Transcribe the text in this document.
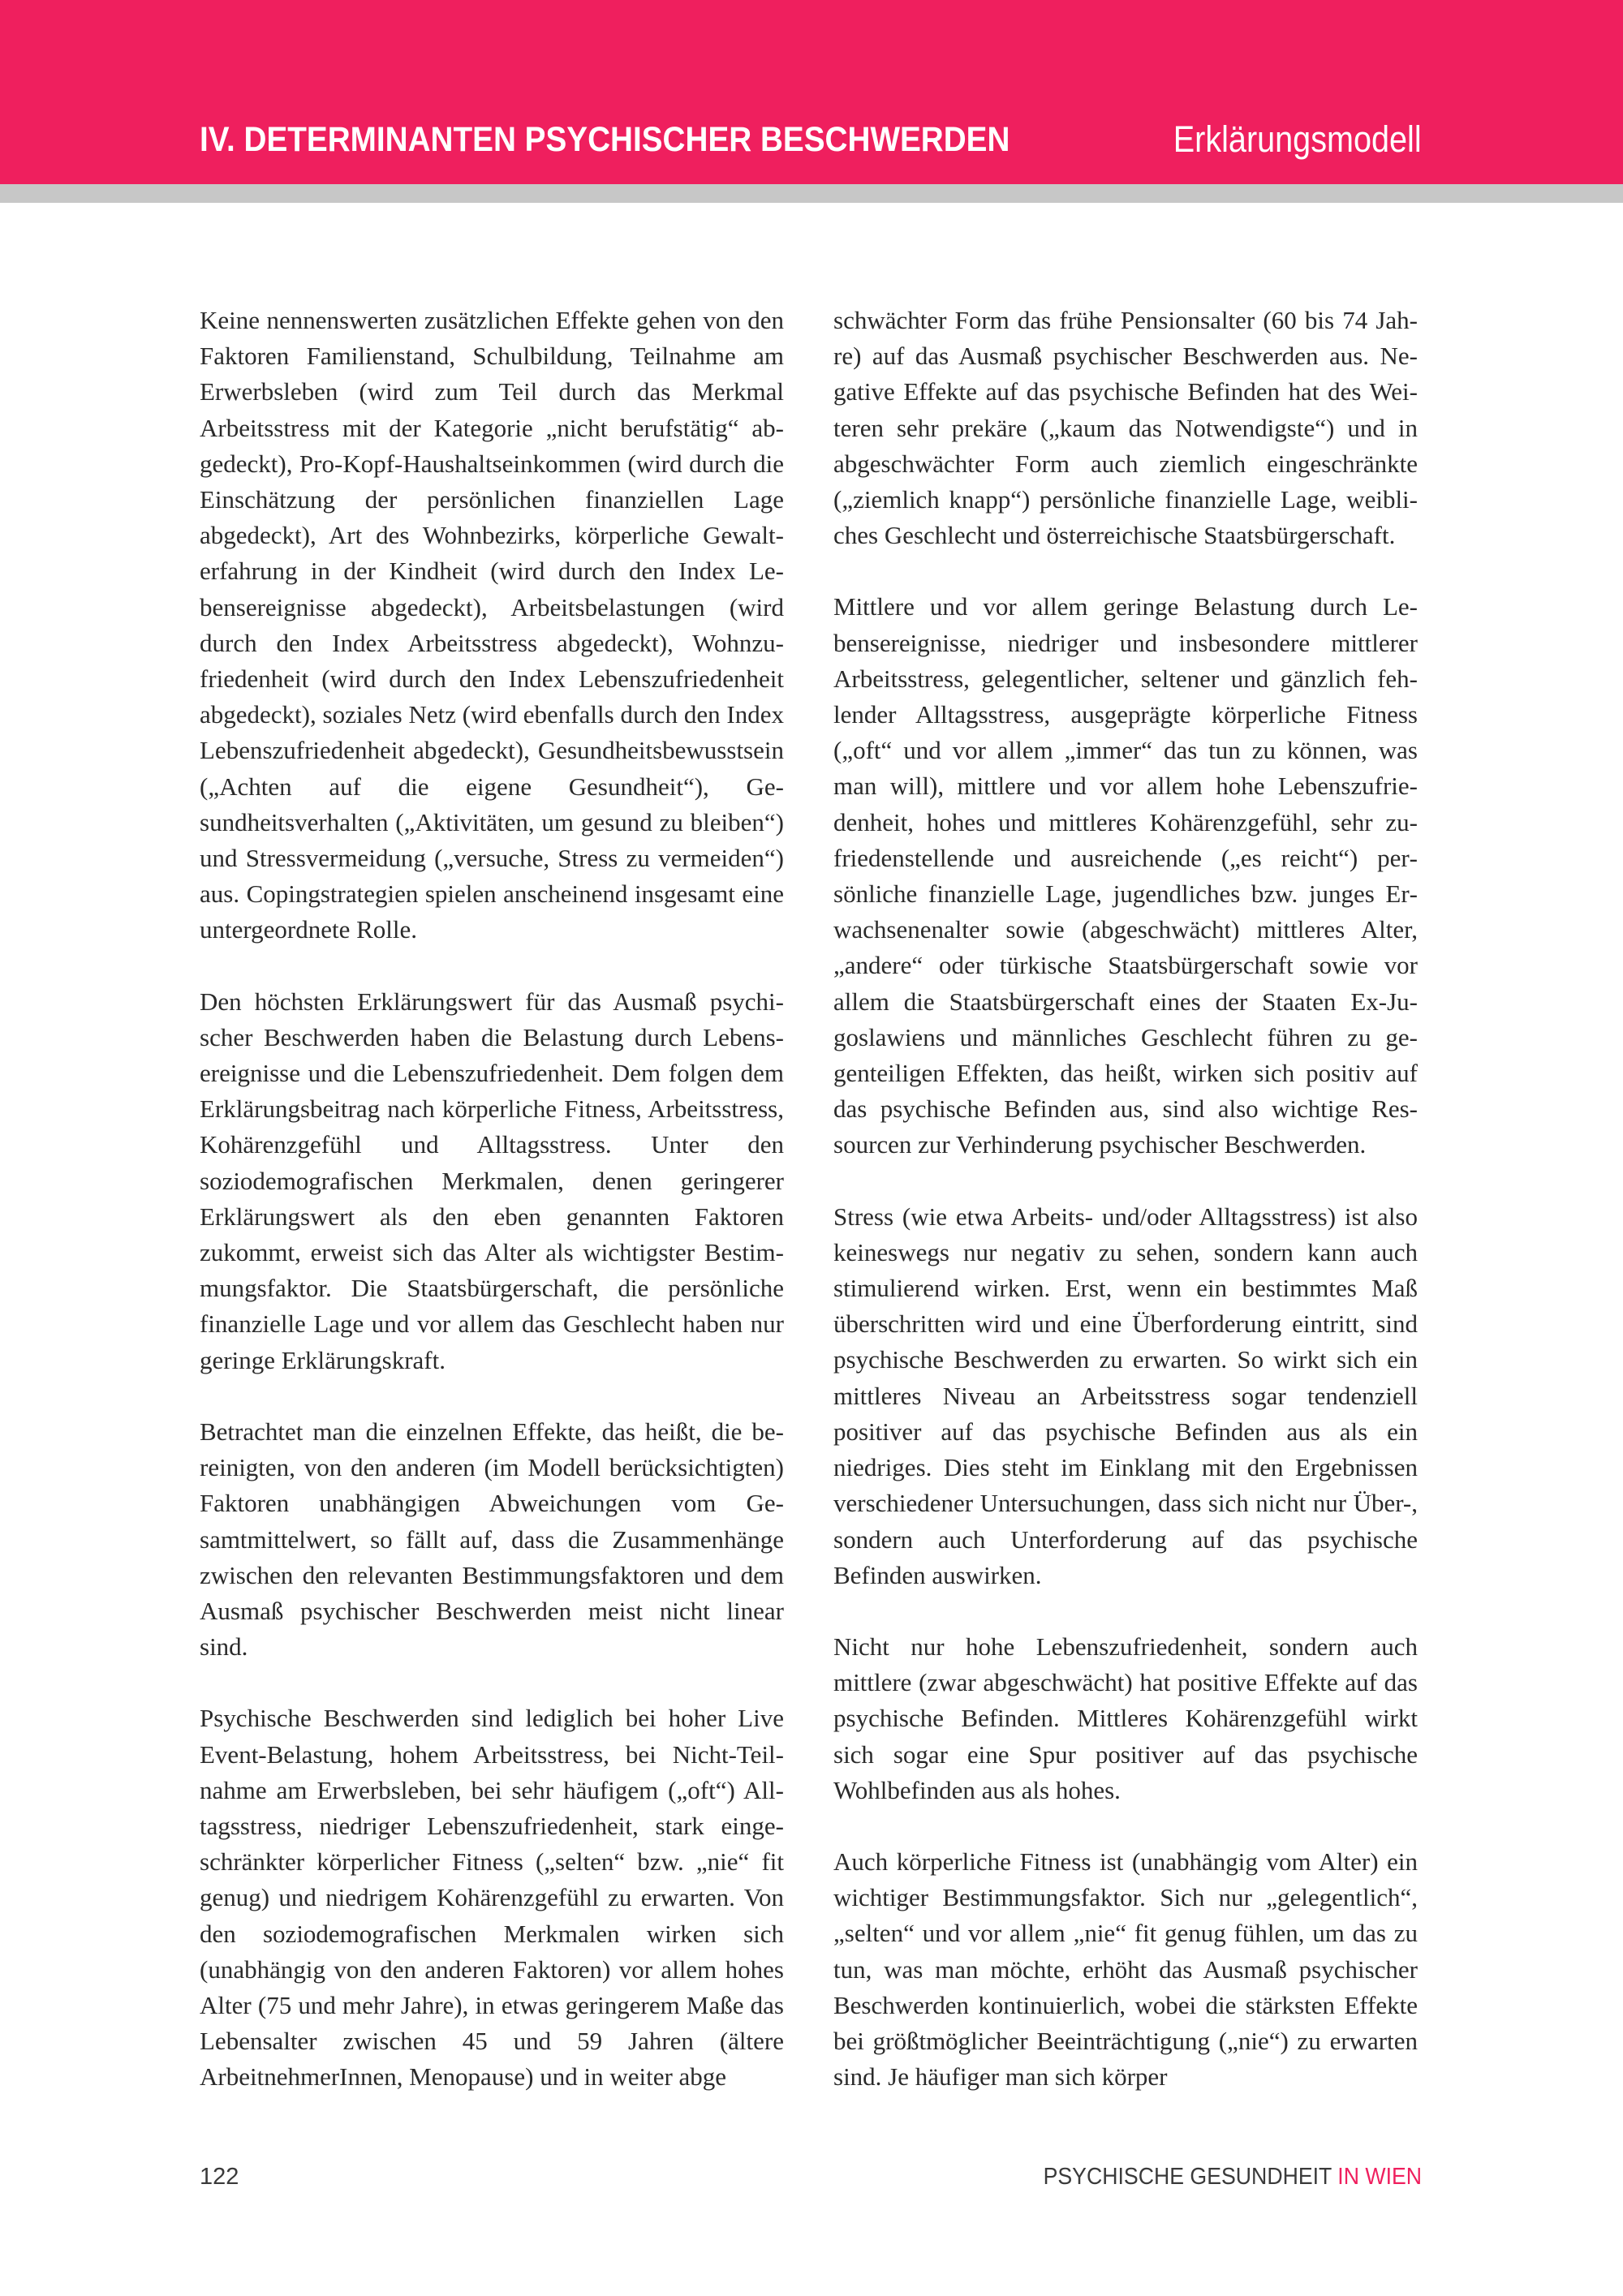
IV. DETERMINANTEN PSYCHISCHER BESCHWERDEN	Erklärungsmodell

Keine nennenswerten zusätzlichen Effekte gehen von den Faktoren Familienstand, Schulbildung, Teilnahme am Erwerbsleben (wird zum Teil durch das Merkmal Arbeitsstress mit der Kategorie „nicht berufstätig“ abgedeckt), Pro-Kopf-Haushaltseinkommen (wird durch die Einschätzung der persönlichen finanziellen Lage abgedeckt), Art des Wohnbezirks, körperliche Gewalterfahrung in der Kindheit (wird durch den Index Lebensereignisse abgedeckt), Arbeitsbelastungen (wird durch den Index Arbeitsstress abgedeckt), Wohnzufriedenheit (wird durch den Index Lebenszufriedenheit abgedeckt), soziales Netz (wird ebenfalls durch den Index Lebenszufriedenheit abgedeckt), Gesundheitsbewusstsein („Achten auf die eigene Gesundheit“), Gesundheitsverhalten („Aktivitäten, um gesund zu bleiben“) und Stressvermeidung („versuche, Stress zu vermeiden“) aus. Copingstrategien spielen anscheinend insgesamt eine untergeordnete Rolle.

Den höchsten Erklärungswert für das Ausmaß psychischer Beschwerden haben die Belastung durch Lebensereignisse und die Lebenszufriedenheit. Dem folgen dem Erklärungsbeitrag nach körperliche Fitness, Arbeitsstress, Kohärenzgefühl und Alltagsstress. Unter den soziodemografischen Merkmalen, denen geringerer Erklärungswert als den eben genannten Faktoren zukommt, erweist sich das Alter als wichtigster Bestimmungsfaktor. Die Staatsbürgerschaft, die persönliche finanzielle Lage und vor allem das Geschlecht haben nur geringe Erklärungskraft.

Betrachtet man die einzelnen Effekte, das heißt, die bereinigten, von den anderen (im Modell berücksichtigten) Faktoren unabhängigen Abweichungen vom Gesamtmittelwert, so fällt auf, dass die Zusammenhänge zwischen den relevanten Bestimmungsfaktoren und dem Ausmaß psychischer Beschwerden meist nicht linear sind.

Psychische Beschwerden sind lediglich bei hoher Live Event-Belastung, hohem Arbeitsstress, bei Nicht-Teilnahme am Erwerbsleben, bei sehr häufigem („oft“) Alltagsstress, niedriger Lebenszufriedenheit, stark eingeschränkter körperlicher Fitness („selten“ bzw. „nie“ fit genug) und niedrigem Kohärenzgefühl zu erwarten. Von den soziodemografischen Merkmalen wirken sich (unabhängig von den anderen Faktoren) vor allem hohes Alter (75 und mehr Jahre), in etwas geringerem Maße das Lebensalter zwischen 45 und 59 Jahren (ältere ArbeitnehmerInnen, Menopause) und in weiter abge

schwächter Form das frühe Pensionsalter (60 bis 74 Jahre) auf das Ausmaß psychischer Beschwerden aus. Negative Effekte auf das psychische Befinden hat des Weiteren sehr prekäre („kaum das Notwendigste“) und in abgeschwächter Form auch ziemlich eingeschränkte („ziemlich knapp“) persönliche finanzielle Lage, weibliches Geschlecht und österreichische Staatsbürgerschaft.

Mittlere und vor allem geringe Belastung durch Lebensereignisse, niedriger und insbesondere mittlerer Arbeitsstress, gelegentlicher, seltener und gänzlich fehlender Alltagsstress, ausgeprägte körperliche Fitness („oft“ und vor allem „immer“ das tun zu können, was man will), mittlere und vor allem hohe Lebenszufriedenheit, hohes und mittleres Kohärenzgefühl, sehr zufriedenstellende und ausreichende („es reicht“) persönliche finanzielle Lage, jugendliches bzw. junges Erwachsenenalter sowie (abgeschwächt) mittleres Alter, „andere“ oder türkische Staatsbürgerschaft sowie vor allem die Staatsbürgerschaft eines der Staaten Ex-Jugoslawiens und männliches Geschlecht führen zu gegenteiligen Effekten, das heißt, wirken sich positiv auf das psychische Befinden aus, sind also wichtige Ressourcen zur Verhinderung psychischer Beschwerden.

Stress (wie etwa Arbeits- und/oder Alltagsstress) ist also keineswegs nur negativ zu sehen, sondern kann auch stimulierend wirken. Erst, wenn ein bestimmtes Maß überschritten wird und eine Überforderung eintritt, sind psychische Beschwerden zu erwarten. So wirkt sich ein mittleres Niveau an Arbeitsstress sogar tendenziell positiver auf das psychische Befinden aus als ein niedriges. Dies steht im Einklang mit den Ergebnissen verschiedener Untersuchungen, dass sich nicht nur Über-, sondern auch Unterforderung auf das psychische Befinden auswirken.

Nicht nur hohe Lebenszufriedenheit, sondern auch mittlere (zwar abgeschwächt) hat positive Effekte auf das psychische Befinden. Mittleres Kohärenzgefühl wirkt sich sogar eine Spur positiver auf das psychische Wohlbefinden aus als hohes.

Auch körperliche Fitness ist (unabhängig vom Alter) ein wichtiger Bestimmungsfaktor. Sich nur „gelegentlich“, „selten“ und vor allem „nie“ fit genug fühlen, um das zu tun, was man möchte, erhöht das Ausmaß psychischer Beschwerden kontinuierlich, wobei die stärksten Effekte bei größtmöglicher Beeinträchtigung („nie“) zu erwarten sind. Je häufiger man sich körper

122	PSYCHISCHE GESUNDHEIT IN WIEN
